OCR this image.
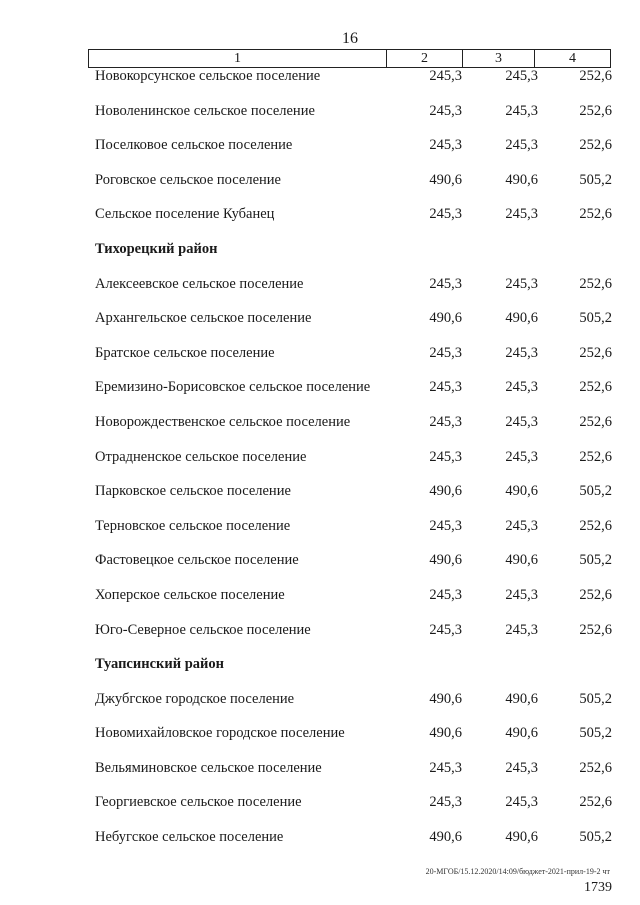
16
1	2	3	4
Новокорсунское сельское поселение	245,3	245,3	252,6
Новоленинское сельское поселение	245,3	245,3	252,6
Поселковое сельское поселение	245,3	245,3	252,6
Роговское сельское поселение	490,6	490,6	505,2
Сельское поселение Кубанец	245,3	245,3	252,6
Тихорецкий район
Алексеевское сельское поселение	245,3	245,3	252,6
Архангельское сельское поселение	490,6	490,6	505,2
Братское сельское поселение	245,3	245,3	252,6
Еремизино-Борисовское сельское поселение	245,3	245,3	252,6
Новорождественское сельское поселение	245,3	245,3	252,6
Отрадненское сельское поселение	245,3	245,3	252,6
Парковское сельское поселение	490,6	490,6	505,2
Терновское сельское поселение	245,3	245,3	252,6
Фастовецкое сельское поселение	490,6	490,6	505,2
Хоперское сельское поселение	245,3	245,3	252,6
Юго-Северное сельское поселение	245,3	245,3	252,6
Туапсинский район
Джубгское городское поселение	490,6	490,6	505,2
Новомихайловское городское поселение	490,6	490,6	505,2
Вельяминовское сельское поселение	245,3	245,3	252,6
Георгиевское сельское поселение	245,3	245,3	252,6
Небугское сельское поселение	490,6	490,6	505,2
20-МГОБ/15.12.2020/14:09/бюджет-2021-прил-19-2 чт
1739
